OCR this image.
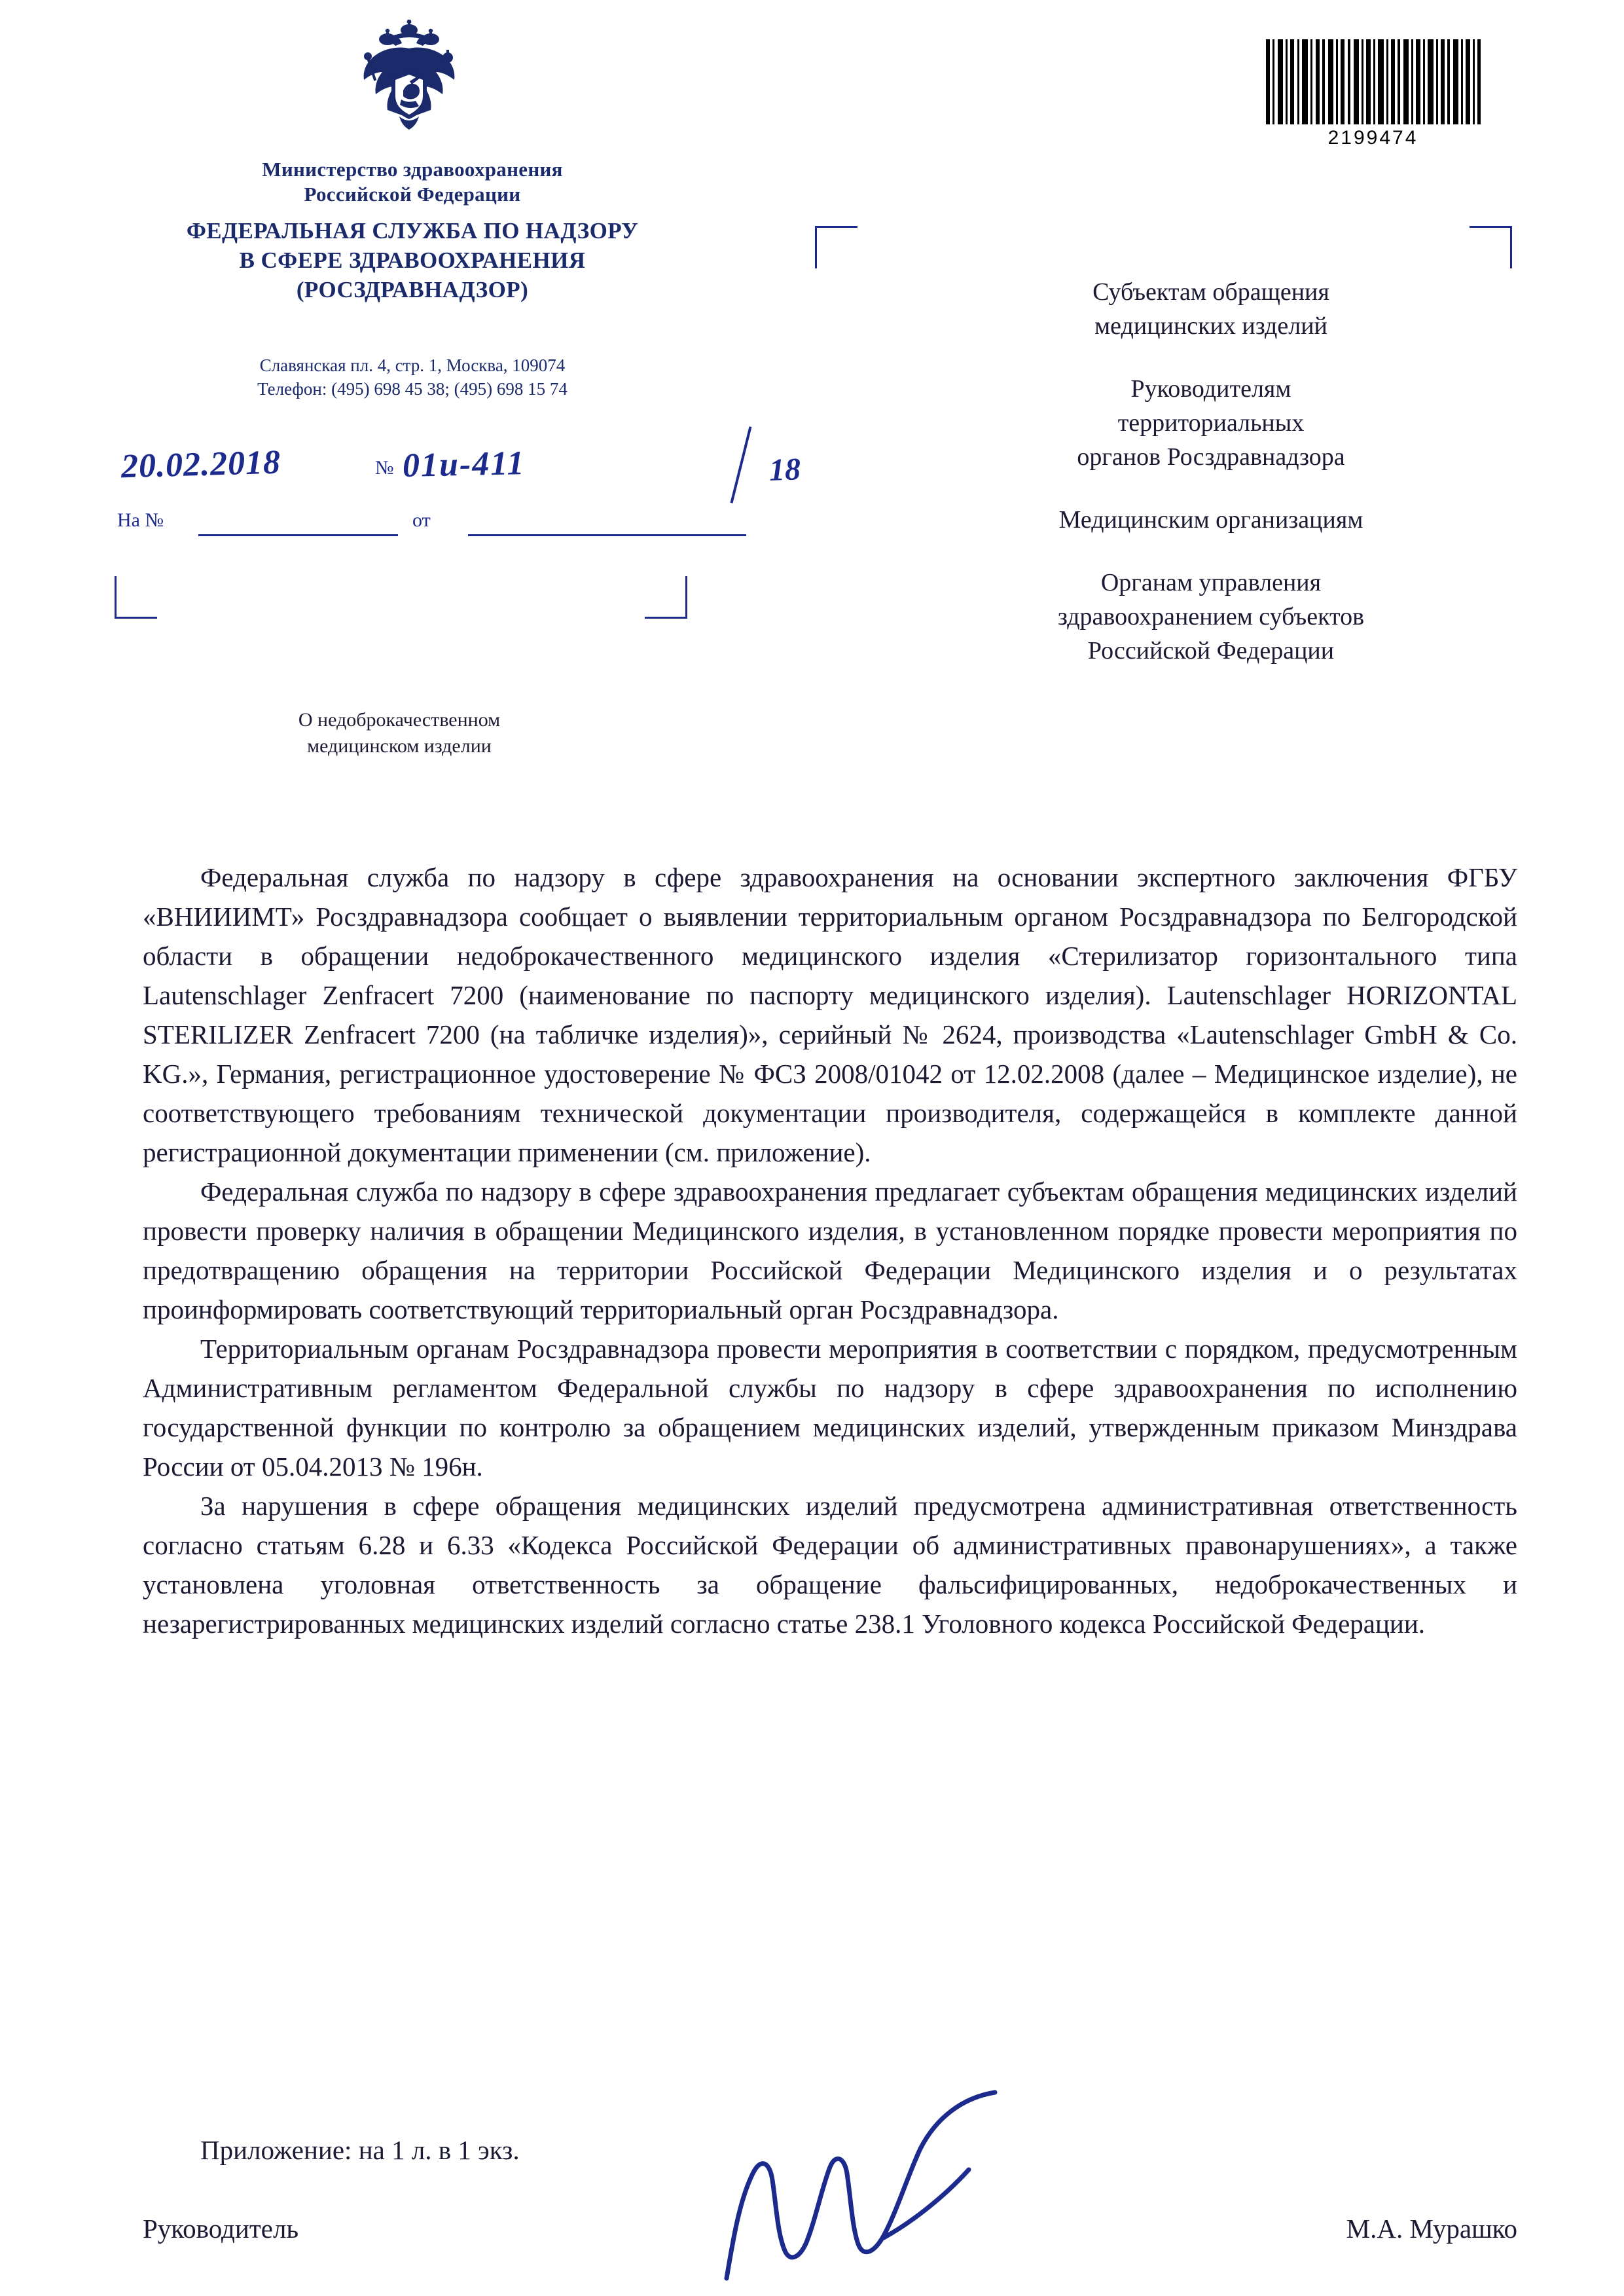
Министерство здравоохранения
Российской Федерации
ФЕДЕРАЛЬНАЯ СЛУЖБА ПО НАДЗОРУ
В СФЕРЕ ЗДРАВООХРАНЕНИЯ
(РОСЗДРАВНАДЗОР)
Славянская пл. 4, стр. 1, Москва, 109074
Телефон: (495) 698 45 38; (495) 698 15 74
20.02.2018	№ 01и-411	18
На №	от
2199474
Субъектам обращения
медицинских изделий
Руководителям
территориальных
органов Росздравнадзора
Медицинским организациям
Органам управления
здравоохранением субъектов
Российской Федерации
О недоброкачественном
медицинском изделии

Федеральная служба по надзору в сфере здравоохранения на основании экспертного заключения ФГБУ «ВНИИИМТ» Росздравнадзора сообщает о выявлении территориальным органом Росздравнадзора по Белгородской области в обращении недоброкачественного медицинского изделия «Стерилизатор горизонтального типа Lautenschlager Zenfracert 7200 (наименование по паспорту медицинского изделия). Lautenschlager HORIZONTAL STERILIZER Zenfracert 7200 (на табличке изделия)», серийный № 2624, производства «Lautenschlager GmbH & Co. KG.», Германия, регистрационное удостоверение № ФСЗ 2008/01042 от 12.02.2008 (далее – Медицинское изделие), не соответствующего требованиям технической документации производителя, содержащейся в комплекте данной регистрационной документации применении (см. приложение).

Федеральная служба по надзору в сфере здравоохранения предлагает субъектам обращения медицинских изделий провести проверку наличия в обращении Медицинского изделия, в установленном порядке провести мероприятия по предотвращению обращения на территории Российской Федерации Медицинского изделия и о результатах проинформировать соответствующий территориальный орган Росздравнадзора.

Территориальным органам Росздравнадзора провести мероприятия в соответствии с порядком, предусмотренным Административным регламентом Федеральной службы по надзору в сфере здравоохранения по исполнению государственной функции по контролю за обращением медицинских изделий, утвержденным приказом Минздрава России от 05.04.2013 № 196н.

За нарушения в сфере обращения медицинских изделий предусмотрена административная ответственность согласно статьям 6.28 и 6.33 «Кодекса Российской Федерации об административных правонарушениях», а также установлена уголовная ответственность за обращение фальсифицированных, недоброкачественных и незарегистрированных медицинских изделий согласно статье 238.1 Уголовного кодекса Российской Федерации.

Приложение: на 1 л. в 1 экз.
Руководитель	М.А. Мурашко
